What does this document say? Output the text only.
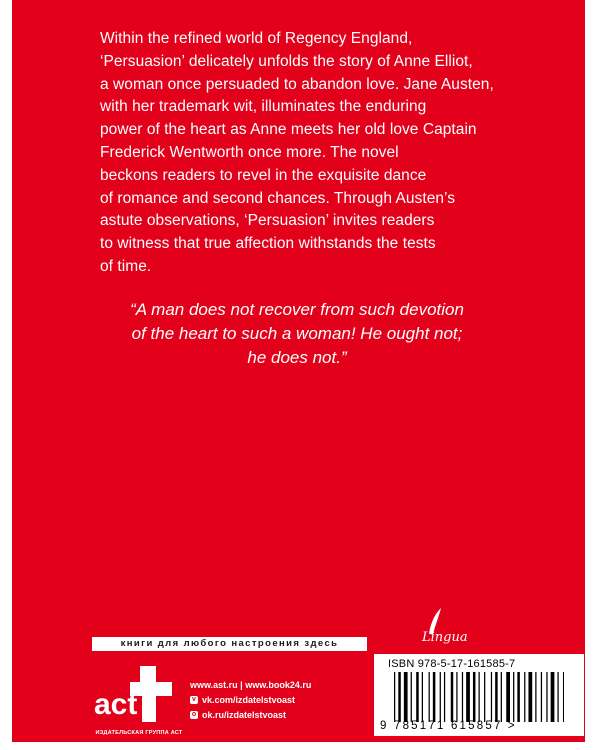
Within the refined world of Regency England,
‘Persuasion’ delicately unfolds the story of Anne Elliot,
a woman once persuaded to abandon love. Jane Austen,
with her trademark wit, illuminates the enduring
power of the heart as Anne meets her old love Captain
Frederick Wentworth once more. The novel
beckons readers to revel in the exquisite dance
of romance and second chances. Through Austen’s
astute observations, ‘Persuasion’ invites readers
to witness that true affection withstands the tests
of time.
“A man does not recover from such devotion
of the heart to such a woman! He ought not;
he does not.”
Lingua
книги для любого настроения здесь
act
ИЗДАТЕЛЬСКАЯ ГРУППА АСТ
www.ast.ru | www.book24.ru
v vk.com/izdatelstvoast
o ok.ru/izdatelstvoast
ISBN 978-5-17-161585-7
9 785171 615857 >
